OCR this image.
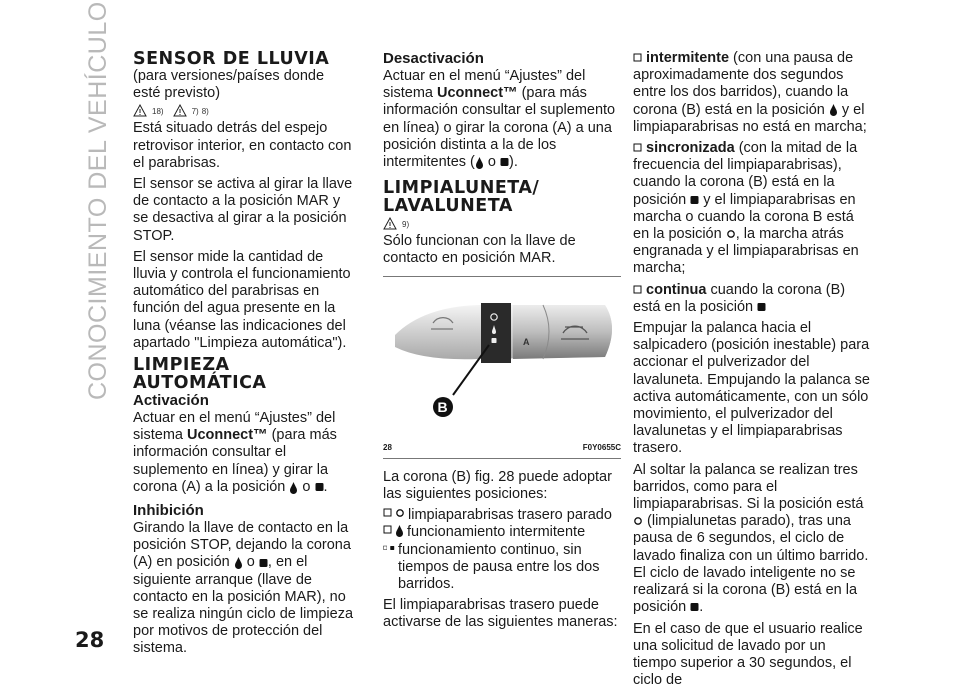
CONOCIMIENTO DEL VEHÍCULO SENSOR DE LLUVIA

(para versiones/países donde esté previsto)

18)	7) 8)

Está situado detrás del espejo retrovisor interior, en contacto con el parabrisas.

El sensor se activa al girar la llave de contacto a la posición MAR y se desactiva al girar a la posición STOP.

El sensor mide la cantidad de lluvia y controla el funcionamiento automático del parabrisas en función del agua presente en la luna (véanse las indicaciones del apartado "Limpieza automática").

LIMPIEZA AUTOMÁTICA
Activación

Actuar en el menú “Ajustes” del sistema Uconnect™ (para más información consultar el suplemento en línea) y girar la corona (A) a la posición o .

Inhibición

Girando la llave de contacto en la posición STOP, dejando la corona (A) en posición o , en el siguiente arranque (llave de contacto en la posición MAR), no se realiza ningún ciclo de limpieza por motivos de protección del sistema.

Desactivación

Actuar en el menú “Ajustes” del sistema Uconnect™ (para más información consultar el suplemento en línea) o girar la corona (A) a una posición distinta a la de los intermitentes ( o ).

LIMPIALUNETA/ LAVALUNETA
9)

Sólo funcionan con la llave de contacto en posición MAR.

A
B
28	F0Y0655C

La corona (B) fig. 28 puede adoptar las siguientes posiciones:

limpiaparabrisas trasero parado
funcionamiento intermitente
funcionamiento continuo, sin tiempos de pausa entre los dos barridos.

El limpiaparabrisas trasero puede activarse de las siguientes maneras:

intermitente (con una pausa de aproximadamente dos segundos entre los dos barridos), cuando la corona (B) está en la posición  y el limpiaparabrisas no está en marcha;

sincronizada (con la mitad de la frecuencia del limpiaparabrisas), cuando la corona (B) está en la posición  y el limpiaparabrisas en marcha o cuando la corona B está en la posición , la marcha atrás engranada y el limpiaparabrisas en marcha;

continua cuando la corona (B) está en la posición

Empujar la palanca hacia el salpicadero (posición inestable) para accionar el pulverizador del lavaluneta. Empujando la palanca se activa automáticamente, con un sólo movimiento, el pulverizador del lavalunetas y el limpiaparabrisas trasero.

Al soltar la palanca se realizan tres barridos, como para el limpiaparabrisas. Si la posición está  (limpialunetas parado), tras una pausa de 6 segundos, el ciclo de lavado finaliza con un último barrido. El ciclo de lavado inteligente no se realizará si la corona (B) está en la posición .

En el caso de que el usuario realice una solicitud de lavado por un tiempo superior a 30 segundos, el ciclo de

28
